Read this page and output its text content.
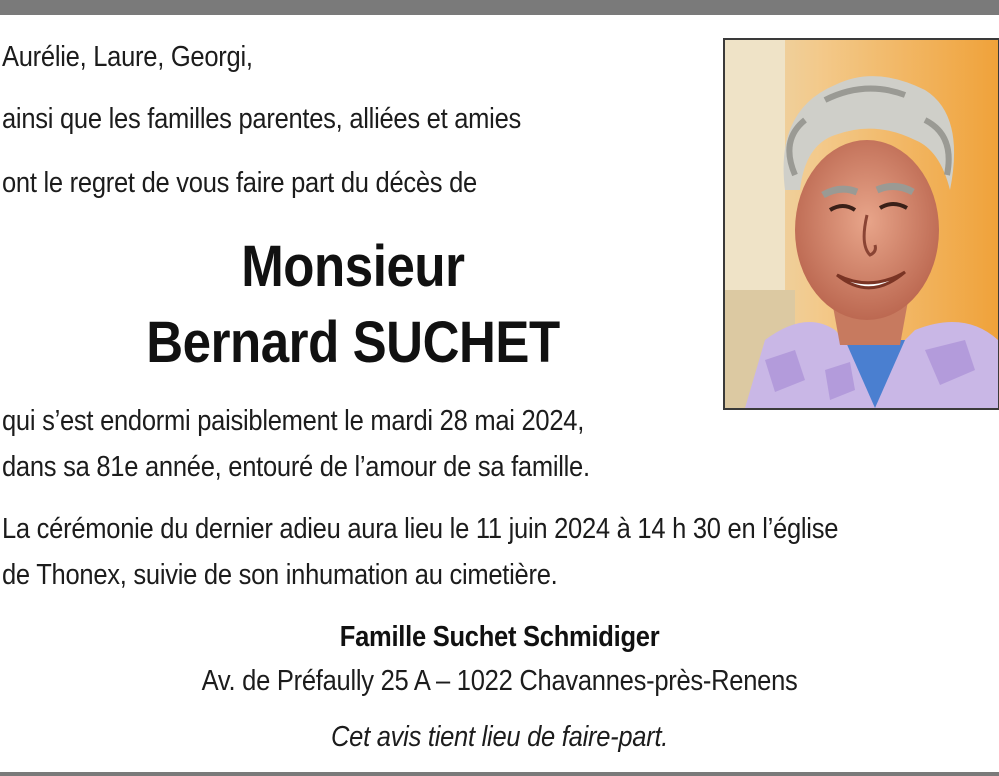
Aurélie, Laure, Georgi,
ainsi que les familles parentes, alliées et amies
ont le regret de vous faire part du décès de
Monsieur
Bernard SUCHET
qui s’est endormi paisiblement le mardi 28 mai 2024,
dans sa 81e année, entouré de l’amour de sa famille.
La cérémonie du dernier adieu aura lieu le 11 juin 2024 à 14 h 30 en l’église
de Thonex, suivie de son inhumation au cimetière.
Famille Suchet Schmidiger
Av. de Préfaully 25 A – 1022 Chavannes-près-Renens
Cet avis tient lieu de faire-part.
